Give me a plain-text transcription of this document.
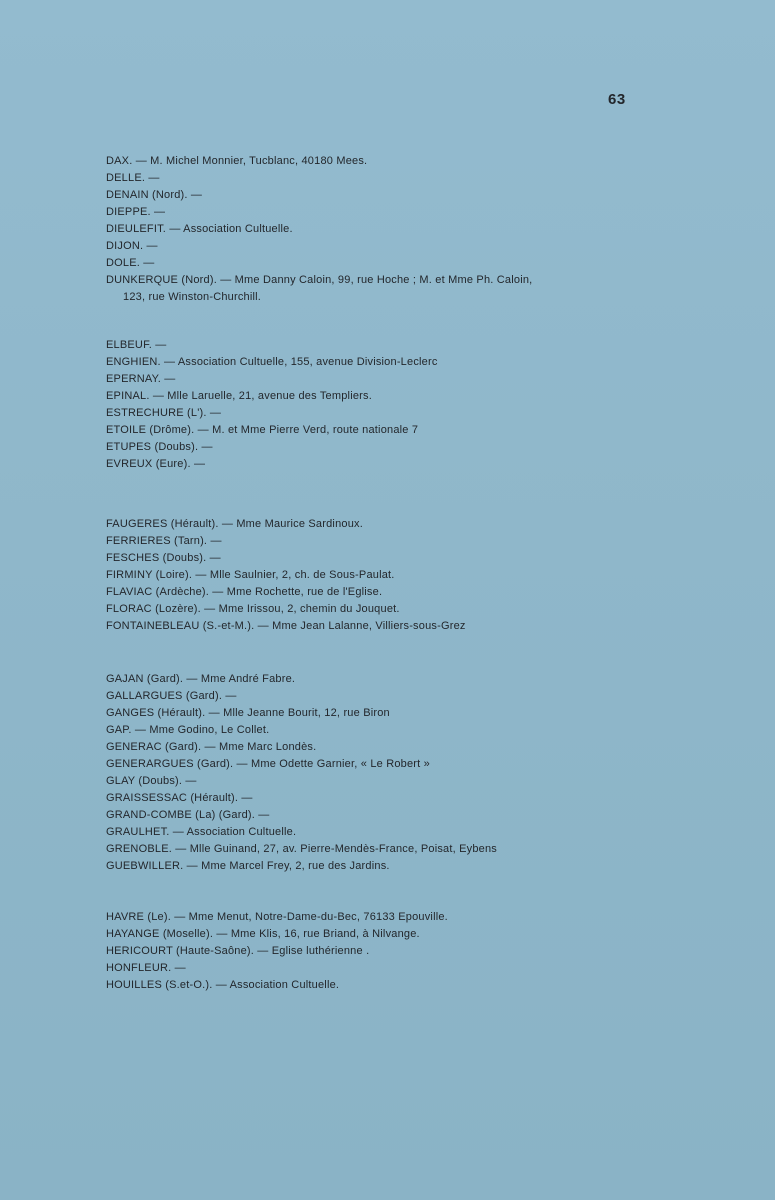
63
DAX. — M. Michel Monnier, Tucblanc, 40180 Mees.
DELLE. —
DENAIN (Nord). —
DIEPPE. —
DIEULEFIT. — Association Cultuelle.
DIJON. —
DOLE. —
DUNKERQUE (Nord). — Mme Danny Caloin, 99, rue Hoche ; M. et Mme Ph. Caloin,
123, rue Winston-Churchill.
ELBEUF. —
ENGHIEN. — Association Cultuelle, 155, avenue Division-Leclerc
EPERNAY. —
EPINAL. — Mlle Laruelle, 21, avenue des Templiers.
ESTRECHURE (L'). —
ETOILE (Drôme). — M. et Mme Pierre Verd, route nationale 7
ETUPES (Doubs). —
EVREUX (Eure). —
FAUGERES (Hérault). — Mme Maurice Sardinoux.
FERRIERES (Tarn). —
FESCHES (Doubs). —
FIRMINY (Loire). — Mlle Saulnier, 2, ch. de Sous-Paulat.
FLAVIAC (Ardèche). — Mme Rochette, rue de l'Eglise.
FLORAC (Lozère). — Mme Irissou, 2, chemin du Jouquet.
FONTAINEBLEAU (S.-et-M.). — Mme Jean Lalanne, Villiers-sous-Grez
GAJAN (Gard). — Mme André Fabre.
GALLARGUES (Gard). —
GANGES (Hérault). — Mlle Jeanne Bourit, 12, rue Biron
GAP. — Mme Godino, Le Collet.
GENERAC (Gard). — Mme Marc Londès.
GENERARGUES (Gard). — Mme Odette Garnier, « Le Robert »
GLAY (Doubs). —
GRAISSESSAC (Hérault). —
GRAND-COMBE (La) (Gard). —
GRAULHET. — Association Cultuelle.
GRENOBLE. — Mlle Guinand, 27, av. Pierre-Mendès-France, Poisat, Eybens
GUEBWILLER. — Mme Marcel Frey, 2, rue des Jardins.
HAVRE (Le). — Mme Menut, Notre-Dame-du-Bec, 76133 Epouville.
HAYANGE (Moselle). — Mme Klis, 16, rue Briand, à Nilvange.
HERICOURT (Haute-Saône). — Eglise luthérienne .
HONFLEUR. —
HOUILLES (S.et-O.). — Association Cultuelle.
